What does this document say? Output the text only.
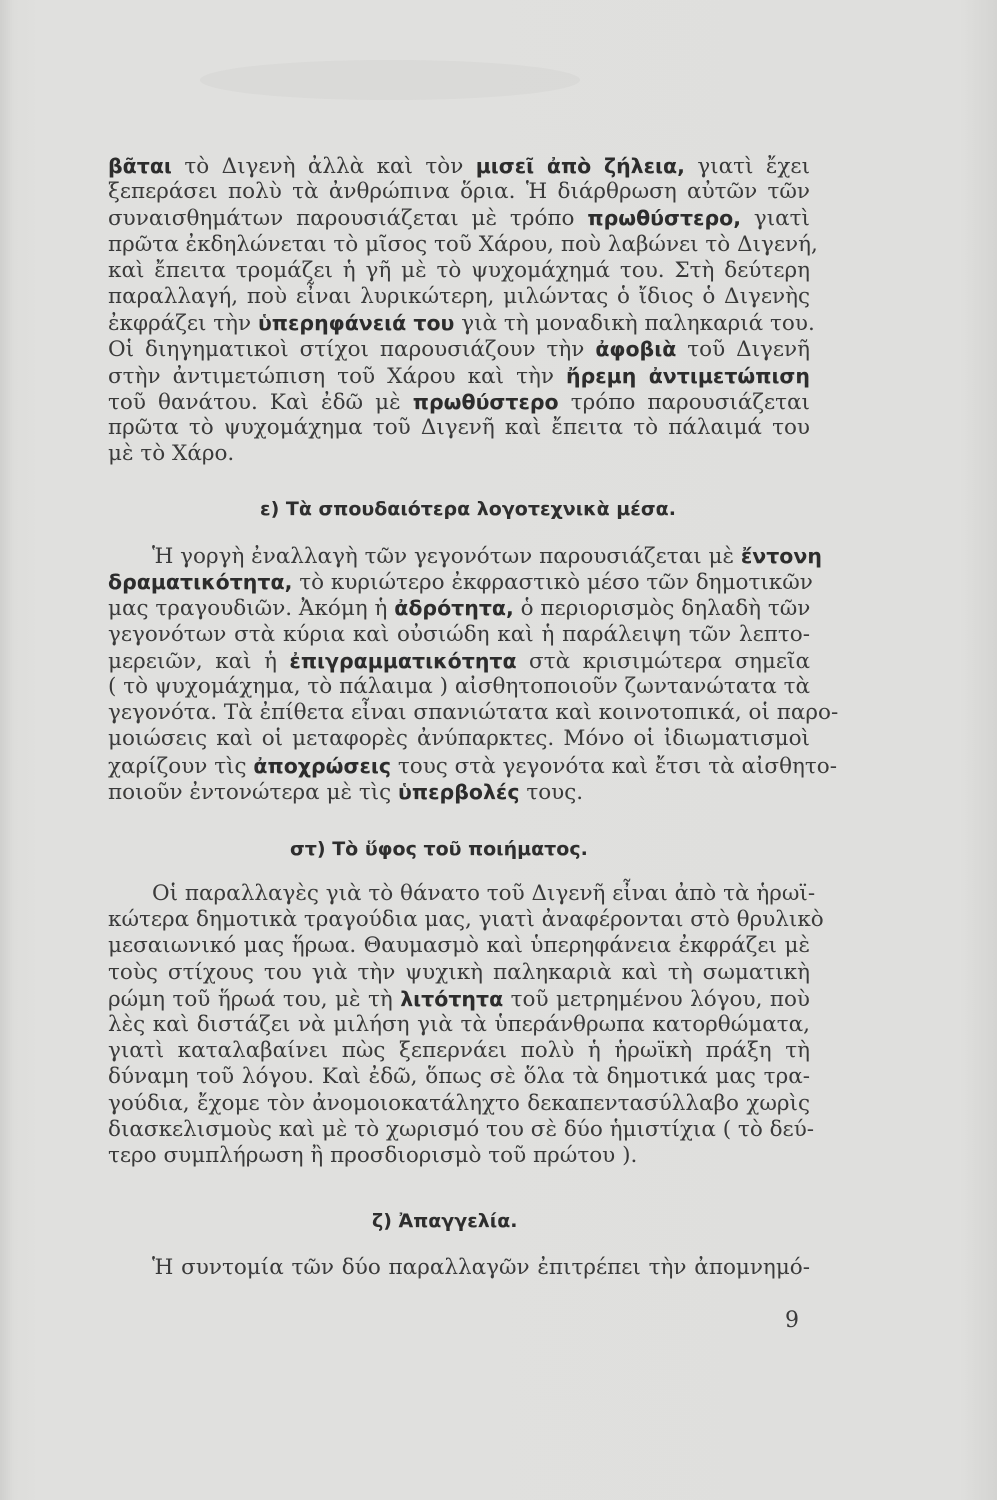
βᾶται τὸ Διγενὴ ἀλλὰ καὶ τὸν μισεῖ ἀπὸ ζήλεια, γιατὶ ἔχει
ξεπεράσει πολὺ τὰ ἀνθρώπινα ὅρια. Ἡ διάρθρωση αὐτῶν τῶν
συναισθημάτων παρουσιάζεται μὲ τρόπο πρωθύστερο, γιατὶ
πρῶτα ἐκδηλώνεται τὸ μῖσος τοῦ Χάρου, ποὺ λαβώνει τὸ Διγενή,
καὶ ἔπειτα τρομάζει ἡ γῆ μὲ τὸ ψυχομάχημά του. Στὴ δεύτερη
παραλλαγή, ποὺ εἶναι λυρικώτερη, μιλώντας ὁ ἴδιος ὁ Διγενὴς
ἐκφράζει τὴν ὑπερηφάνειά του γιὰ τὴ μοναδικὴ παληκαριά του.
Οἱ διηγηματικοὶ στίχοι παρουσιάζουν τὴν ἀφοβιὰ τοῦ Διγενῆ
στὴν ἀντιμετώπιση τοῦ Χάρου καὶ τὴν ἤρεμη ἀντιμετώπιση
τοῦ θανάτου. Καὶ ἐδῶ μὲ πρωθύστερο τρόπο παρουσιάζεται
πρῶτα τὸ ψυχομάχημα τοῦ Διγενῆ καὶ ἔπειτα τὸ πάλαιμά του
μὲ τὸ Χάρο.
ε) Τὰ σπουδαιότερα λογοτεχνικὰ μέσα.
Ἡ γοργὴ ἐναλλαγὴ τῶν γεγονότων παρουσιάζεται μὲ ἔντονη
δραματικότητα, τὸ κυριώτερο ἐκφραστικὸ μέσο τῶν δημοτικῶν
μας τραγουδιῶν. Ἀκόμη ἡ ἀδρότητα, ὁ περιορισμὸς δηλαδὴ τῶν
γεγονότων στὰ κύρια καὶ οὐσιώδη καὶ ἡ παράλειψη τῶν λεπτο-
μερειῶν, καὶ ἡ ἐπιγραμματικότητα στὰ κρισιμώτερα σημεῖα
( τὸ ψυχομάχημα, τὸ πάλαιμα ) αἰσθητοποιοῦν ζωντανώτατα τὰ
γεγονότα. Τὰ ἐπίθετα εἶναι σπανιώτατα καὶ κοινοτοπικά, οἱ παρο-
μοιώσεις καὶ οἱ μεταφορὲς ἀνύπαρκτες. Μόνο οἱ ἰδιωματισμοὶ
χαρίζουν τὶς ἀποχρώσεις τους στὰ γεγονότα καὶ ἔτσι τὰ αἰσθητο-
ποιοῦν ἐντονώτερα μὲ τὶς ὑπερβολές τους.
στ) Τὸ ὕφος τοῦ ποιήματος.
Οἱ παραλλαγὲς γιὰ τὸ θάνατο τοῦ Διγενῆ εἶναι ἀπὸ τὰ ἡρωϊ-
κώτερα δημοτικὰ τραγούδια μας, γιατὶ ἀναφέρονται στὸ θρυλικὸ
μεσαιωνικό μας ἥρωα. Θαυμασμὸ καὶ ὑπερηφάνεια ἐκφράζει μὲ
τοὺς στίχους του γιὰ τὴν ψυχικὴ παληκαριὰ καὶ τὴ σωματικὴ
ρώμη τοῦ ἥρωά του, μὲ τὴ λιτότητα τοῦ μετρημένου λόγου, ποὺ
λὲς καὶ διστάζει νὰ μιλήση γιὰ τὰ ὑπεράνθρωπα κατορθώματα,
γιατὶ καταλαβαίνει πὼς ξεπερνάει πολὺ ἡ ἡρωϊκὴ πράξη τὴ
δύναμη τοῦ λόγου. Καὶ ἐδῶ, ὅπως σὲ ὅλα τὰ δημοτικά μας τρα-
γούδια, ἔχομε τὸν ἀνομοιοκατάληχτο δεκαπεντασύλλαβο χωρὶς
διασκελισμοὺς καὶ μὲ τὸ χωρισμό του σὲ δύο ἡμιστίχια ( τὸ δεύ-
τερο συμπλήρωση ἢ προσδιορισμὸ τοῦ πρώτου ).
ζ) Ἀπαγγελία.
Ἡ συντομία τῶν δύο παραλλαγῶν ἐπιτρέπει τὴν ἀπομνημό-
9
